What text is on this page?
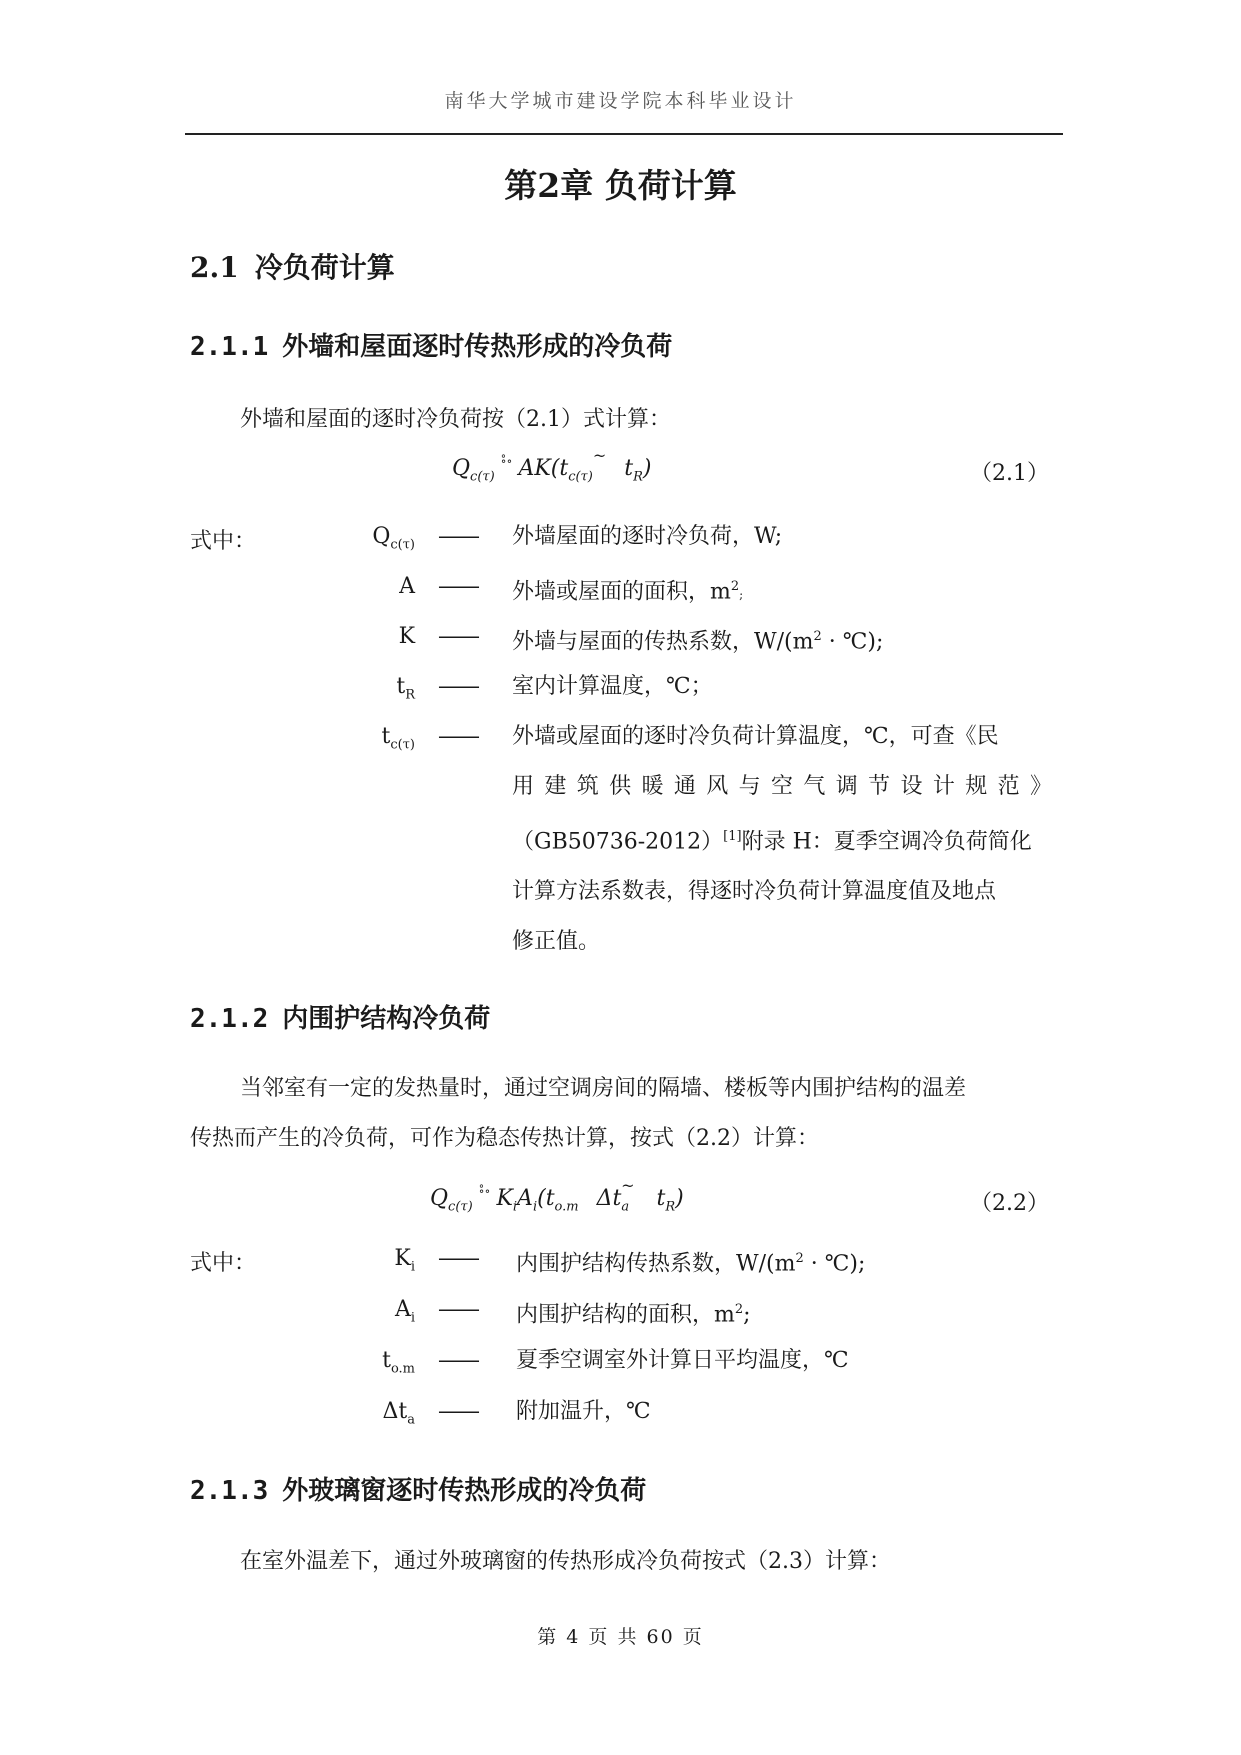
南华大学城市建设学院本科毕业设计
第2章 负荷计算
2.1 冷负荷计算
2.1.1 外墙和屋面逐时传热形成的冷负荷
外墙和屋面的逐时冷负荷按（2.1）式计算：
$Q_{c(\tau)}^{\circ̊\circ}$ $AK(t_{c(\tau)}^\sim t_R)$	（2.1）
式中：	$Q_{c(\tau)}$ —— 外墙屋面的逐时冷负荷，W;
A —— 外墙或屋面的面积，$m^2$;
K —— 外墙与屋面的传热系数，$W/(m^2$ · ℃);
$t_R$ —— 室内计算温度，℃；
$t_{c(\tau)}$ —— 外墙或屋面的逐时冷负荷计算温度，℃，可查《民
用建筑供暖通风与空气调节设计规范》
（GB50736-2012）[1]附录 H：夏季空调冷负荷简化
计算方法系数表，得逐时冷负荷计算温度值及地点
修正值。
2.1.2 内围护结构冷负荷
当邻室有一定的发热量时，通过空调房间的隔墙、楼板等内围护结构的温差
传热而产生的冷负荷，可作为稳态传热计算，按式（2.2）计算：
$Q_{c(\tau)}^{\circ̊\circ}$ $K_iA_i(t_{o.m}$ $\Delta t_a^\sim t_R$)	（2.2）
式中：	$K_i$ —— 内围护结构传热系数，$W/(m^2$ · ℃);
$A_i$ —— 内围护结构的面积，$m^2$;
$t_{o.m}$ —— 夏季空调室外计算日平均温度，℃
$\Delta t_a$ —— 附加温升，℃
2.1.3 外玻璃窗逐时传热形成的冷负荷
在室外温差下，通过外玻璃窗的传热形成冷负荷按式（2.3）计算：
第 4 页 共 60 页
